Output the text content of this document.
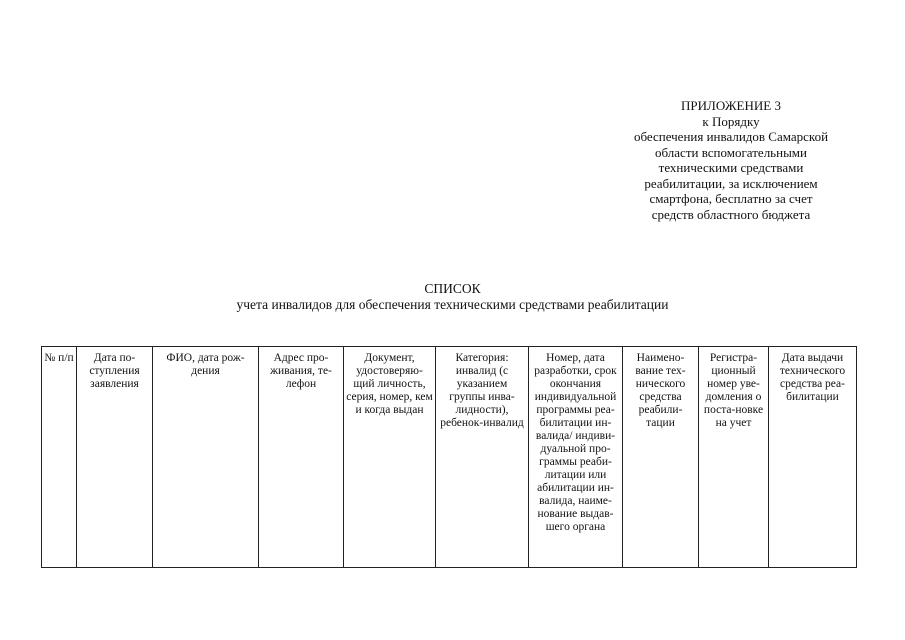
ПРИЛОЖЕНИЕ 3
к Порядку
обеспечения инвалидов Самарской
области вспомогательными
техническими средствами
реабилитации, за исключением
смартфона, бесплатно за счет
средств областного бюджета
СПИСОК
учета инвалидов для обеспечения техническими средствами реабилитации
№ п/п	Дата по-ступления заявления	ФИО, дата рож-дения	Адрес про-живания, те-лефон	Документ, удостоверяю-щий личность, серия, номер, кем и когда выдан	Категория: инвалид (с указанием группы инва-лидности), ребенок-инвалид	Номер, дата разработки, срок окончания индивидуальной программы реа-билитации ин-валида/ индиви-дуальной про-граммы реаби-литации или абилитации ин-валида, наиме-нование выдав-шего органа	Наимено-вание тех-нического средства реабили-тации	Регистра-ционный номер уве-домления о поста-новке на учет	Дата выдачи технического средства реа-билитации
